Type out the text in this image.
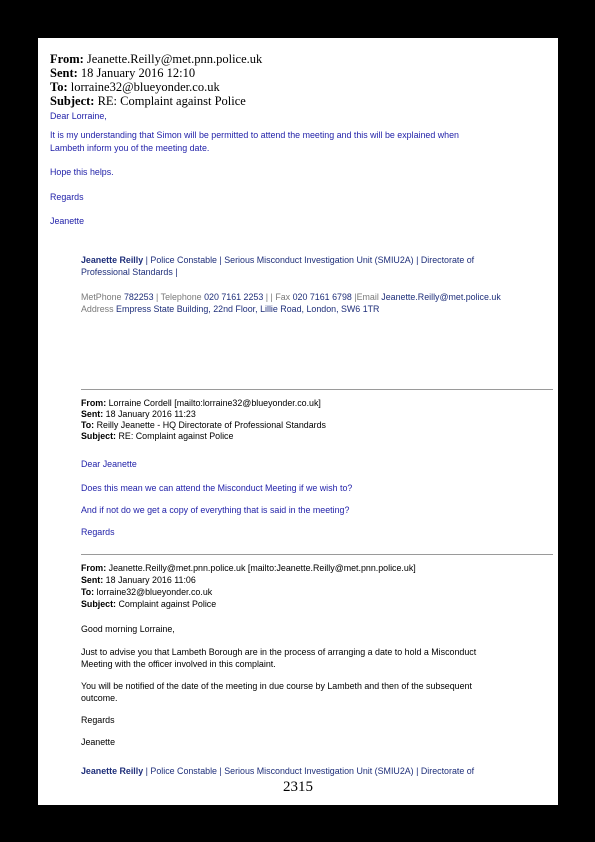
From: Jeanette.Reilly@met.pnn.police.uk
Sent: 18 January 2016 12:10
To: lorraine32@blueyonder.co.uk
Subject: RE: Complaint against Police
Dear Lorraine,
It is my understanding that Simon will be permitted to attend the meeting and this will be explained when
Lambeth inform you of the meeting date.
Hope this helps.
Regards
Jeanette
Jeanette Reilly | Police Constable | Serious Misconduct Investigation Unit (SMIU2A) | Directorate of
Professional Standards |
MetPhone 782253 | Telephone 020 7161 2253 | | Fax 020 7161 6798 |Email Jeanette.Reilly@met.police.uk
Address Empress State Building, 22nd Floor, Lillie Road, London, SW6 1TR
From: Lorraine Cordell [mailto:lorraine32@blueyonder.co.uk]
Sent: 18 January 2016 11:23
To: Reilly Jeanette - HQ Directorate of Professional Standards
Subject: RE: Complaint against Police
Dear Jeanette
Does this mean we can attend the Misconduct Meeting if we wish to?
And if not do we get a copy of everything that is said in the meeting?
Regards
From: Jeanette.Reilly@met.pnn.police.uk [mailto:Jeanette.Reilly@met.pnn.police.uk]
Sent: 18 January 2016 11:06
To: lorraine32@blueyonder.co.uk
Subject: Complaint against Police
Good morning Lorraine,
Just to advise you that Lambeth Borough are in the process of arranging a date to hold a Misconduct
Meeting with the officer involved in this complaint.
You will be notified of the date of the meeting in due course by Lambeth and then of the subsequent
outcome.
Regards
Jeanette
Jeanette Reilly | Police Constable | Serious Misconduct Investigation Unit (SMIU2A) | Directorate of
2315
